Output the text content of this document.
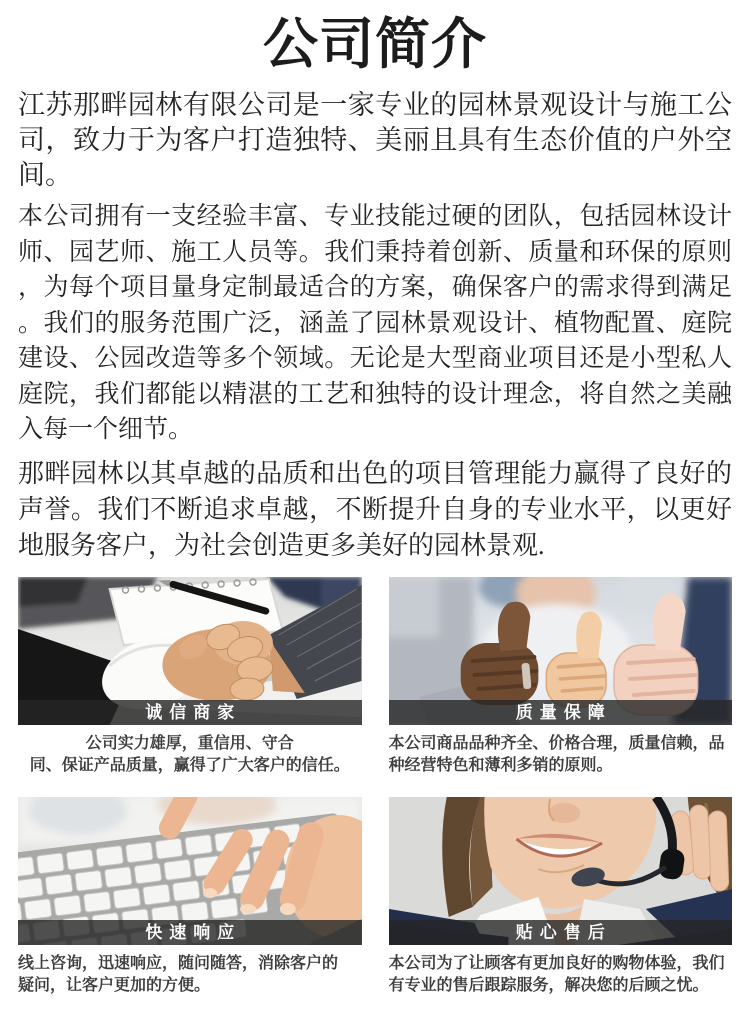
公司简介

江苏那畔园林有限公司是一家专业的园林景观设计与施工公司，致力于为客户打造独特、美丽且具有生态价值的户外空间。

本公司拥有一支经验丰富、专业技能过硬的团队，包括园林设计师、园艺师、施工人员等。我们秉持着创新、质量和环保的原则，为每个项目量身定制最适合的方案，确保客户的需求得到满足。我们的服务范围广泛，涵盖了园林景观设计、植物配置、庭院建设、公园改造等多个领域。无论是大型商业项目还是小型私人庭院，我们都能以精湛的工艺和独特的设计理念，将自然之美融入每一个细节。

那畔园林以其卓越的品质和出色的项目管理能力赢得了良好的声誉。我们不断追求卓越，不断提升自身的专业水平，以更好地服务客户，为社会创造更多美好的园林景观.

诚信商家
公司实力雄厚，重信用、守合
同、保证产品质量，赢得了广大客户的信任。
质量保障
本公司商品品种齐全、价格合理，质量信赖，品
种经营特色和薄利多销的原则。
快速响应
线上咨询，迅速响应，随问随答，消除客户的
疑问，让客户更加的方便。
贴心售后
本公司为了让顾客有更加良好的购物体验，我们
有专业的售后跟踪服务，解决您的后顾之忧。
